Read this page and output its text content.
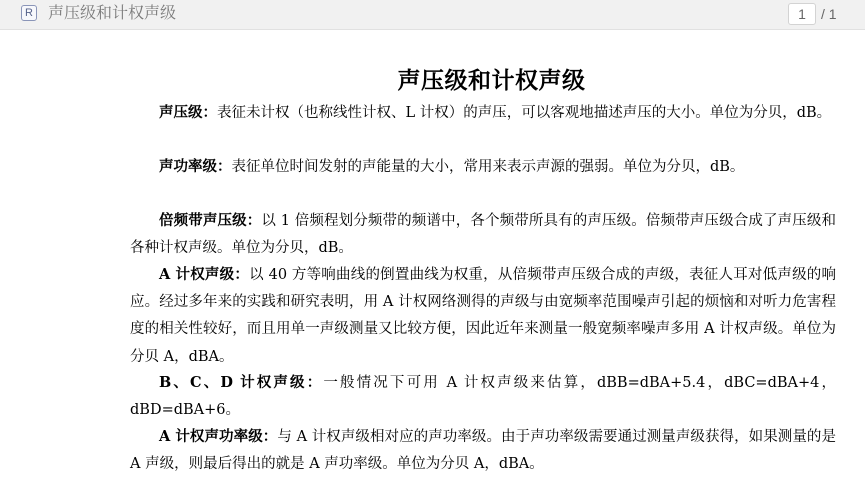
R 声压级和计权声级	1	/ 1
声压级和计权声级
声压级：表征未计权（也称线性计权、L 计权）的声压，可以客观地描述声压的大小。单位为分贝，dB。
声功率级：表征单位时间发射的声能量的大小，常用来表示声源的强弱。单位为分贝，dB。
倍频带声压级：以 1 倍频程划分频带的频谱中，各个频带所具有的声压级。倍频带声压级合成了声压级和各种计权声级。单位为分贝，dB。
A 计权声级：以 40 方等响曲线的倒置曲线为权重，从倍频带声压级合成的声级，表征人耳对低声级的响应。经过多年来的实践和研究表明，用 A 计权网络测得的声级与由宽频率范围噪声引起的烦恼和对听力危害程度的相关性较好，而且用单一声级测量又比较方便，因此近年来测量一般宽频率噪声多用 A 计权声级。单位为分贝 A，dBA。
B、C、D 计权声级：一般情况下可用 A 计权声级来估算，dBB=dBA+5.4，dBC=dBA+4，dBD=dBA+6。
A 计权声功率级：与 A 计权声级相对应的声功率级。由于声功率级需要通过测量声级获得，如果测量的是 A 声级，则最后得出的就是 A 声功率级。单位为分贝 A，dBA。
